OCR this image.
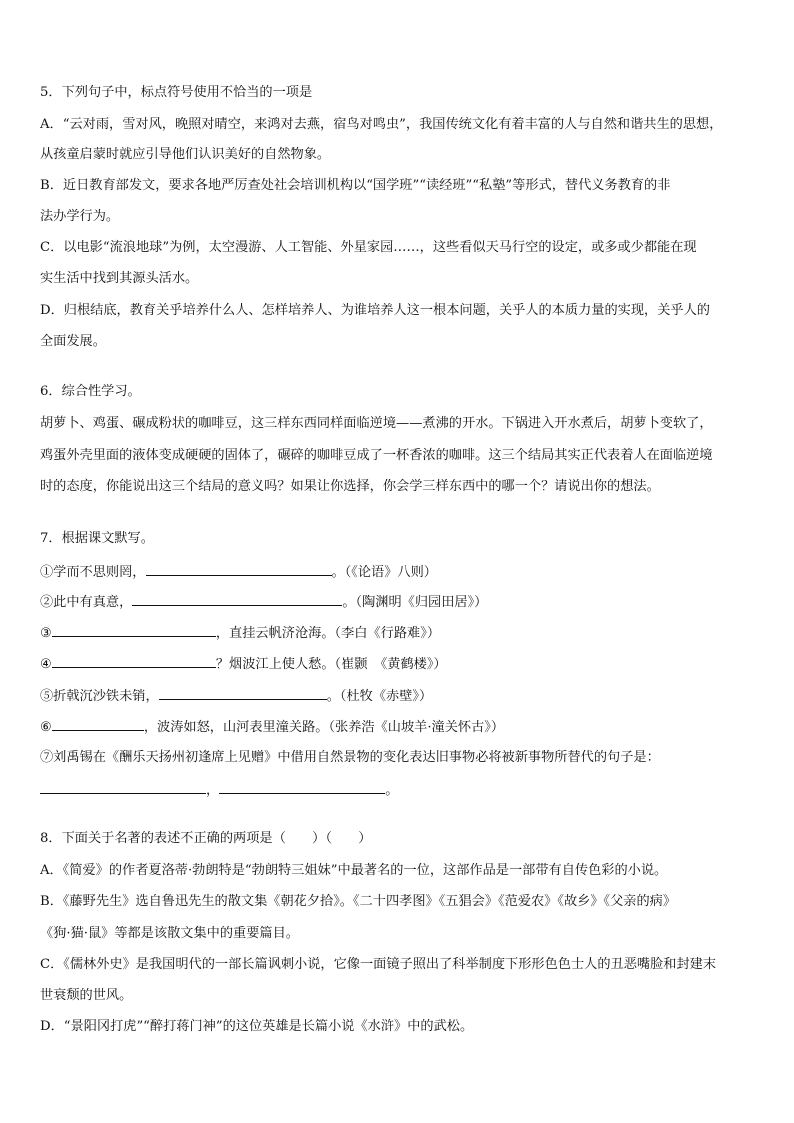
5．下列句子中，标点符号使用不恰当的一项是
A．“云对雨，雪对风，晚照对晴空，来鸿对去燕，宿鸟对鸣虫”，我国传统文化有着丰富的人与自然和谐共生的思想，
从孩童启蒙时就应引导他们认识美好的自然物象。
B．近日教育部发文，要求各地严厉查处社会培训机构以“国学班”“读经班”“私塾”等形式，替代义务教育的非
法办学行为。
C．以电影“流浪地球”为例，太空漫游、人工智能、外星家园……，这些看似天马行空的设定，或多或少都能在现
实生活中找到其源头活水。
D．归根结底，教育关乎培养什么人、怎样培养人、为谁培养人这一根本问题，关乎人的本质力量的实现，关乎人的
全面发展。
6．综合性学习。
胡萝卜、鸡蛋、碾成粉状的咖啡豆，这三样东西同样面临逆境——煮沸的开水。下锅进入开水煮后，胡萝卜变软了，
鸡蛋外壳里面的液体变成硬硬的固体了，碾碎的咖啡豆成了一杯香浓的咖啡。这三个结局其实正代表着人在面临逆境
时的态度，你能说出这三个结局的意义吗？如果让你选择，你会学三样东西中的哪一个？请说出你的想法。
7．根据课文默写。
①学而不思则罔，	。（《论语》八则）
②此中有真意，	。（陶渊明《归园田居》）
③	，直挂云帆济沧海。（李白《行路难》）
④	？烟波江上使人愁。（崔颢　《黄鹤楼》）
⑤折戟沉沙铁未销，	。（杜牧《赤壁》）
⑥	，波涛如怒，山河表里潼关路。（张养浩《山坡羊·潼关怀古》）
⑦刘禹锡在《酬乐天扬州初逢席上见赠》中借用自然景物的变化表达旧事物必将被新事物所替代的句子是：
，	。
8．下面关于名著的表述不正确的两项是（　　）（　　）
A．《简爱》的作者夏洛蒂·勃朗特是“勃朗特三姐妹”中最著名的一位，这部作品是一部带有自传色彩的小说。
B．《藤野先生》选自鲁迅先生的散文集《朝花夕拾》。《二十四孝图》《五猖会》《范爱农》《故乡》《父亲的病》
《狗·猫·鼠》等都是该散文集中的重要篇目。
C．《儒林外史》是我国明代的一部长篇讽刺小说，它像一面镜子照出了科举制度下形形色色士人的丑恶嘴脸和封建末
世衰颓的世风。
D．“景阳冈打虎”“醉打蒋门神”的这位英雄是长篇小说《水浒》中的武松。
